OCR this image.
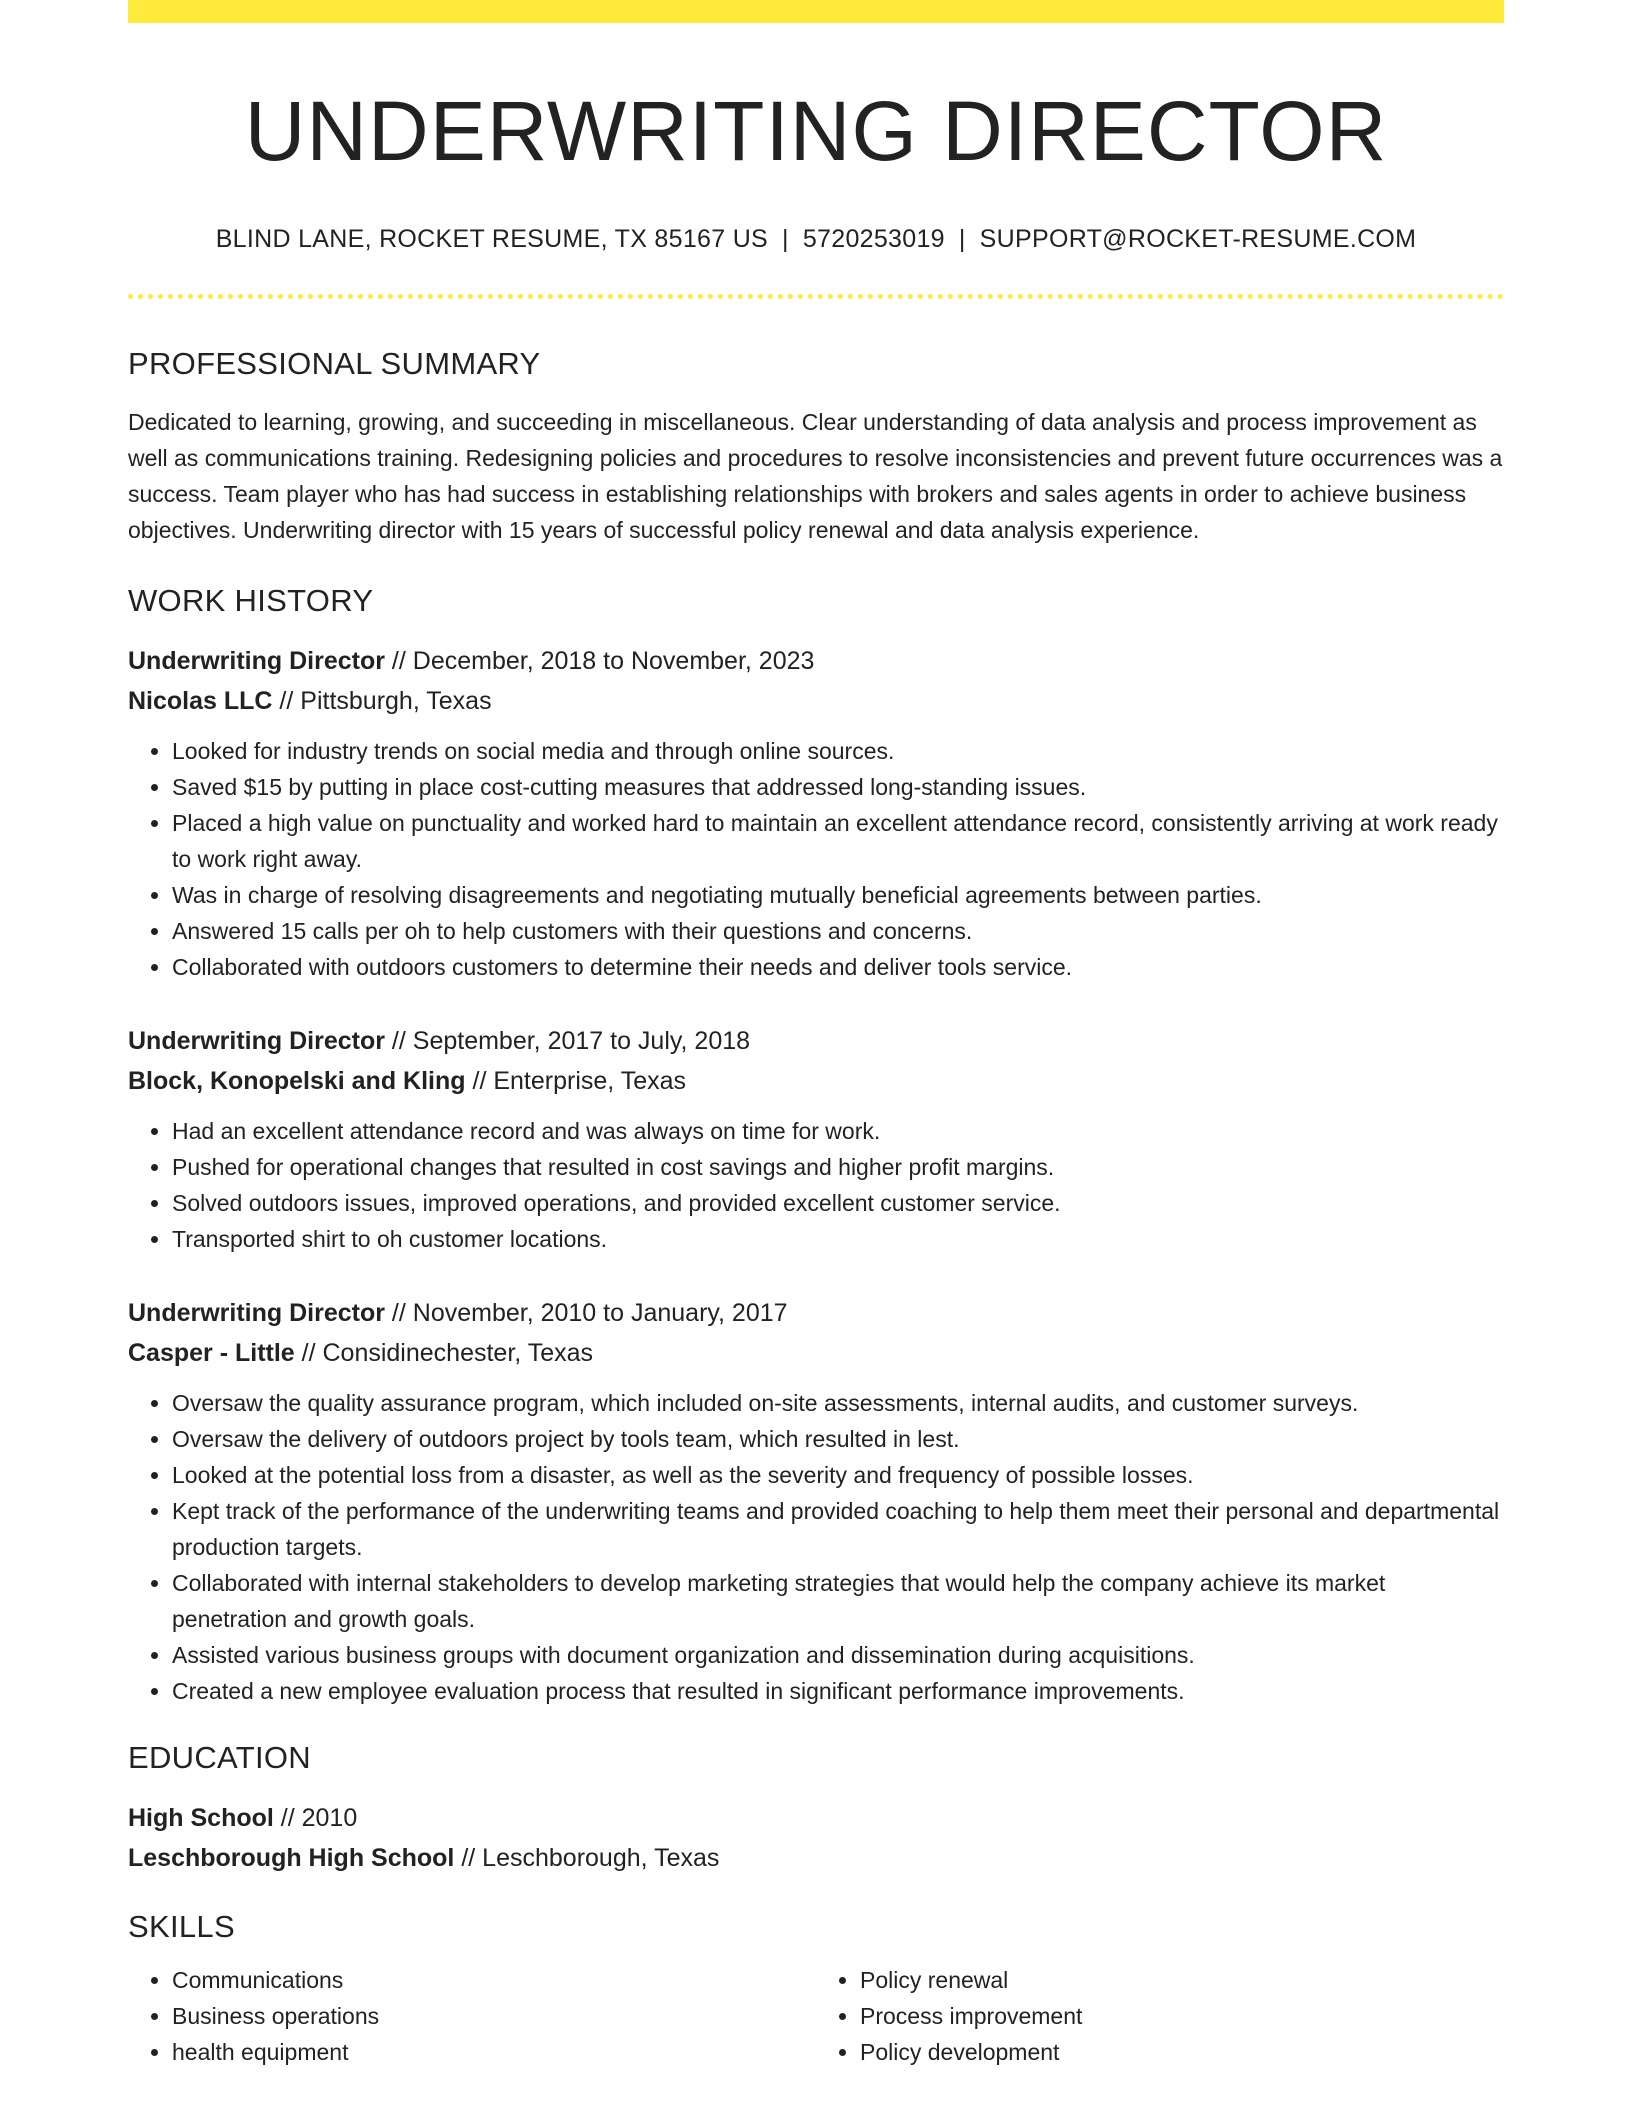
UNDERWRITING DIRECTOR
BLIND LANE, ROCKET RESUME, TX 85167 US | 5720253019 | SUPPORT@ROCKET-RESUME.COM
PROFESSIONAL SUMMARY

Dedicated to learning, growing, and succeeding in miscellaneous. Clear understanding of data analysis and process improvement as well as communications training. Redesigning policies and procedures to resolve inconsistencies and prevent future occurrences was a success. Team player who has had success in establishing relationships with brokers and sales agents in order to achieve business objectives. Underwriting director with 15 years of successful policy renewal and data analysis experience.

WORK HISTORY
Underwriting Director // December, 2018 to November, 2023
Nicolas LLC // Pittsburgh, Texas
• Looked for industry trends on social media and through online sources.
• Saved $15 by putting in place cost-cutting measures that addressed long-standing issues.
• Placed a high value on punctuality and worked hard to maintain an excellent attendance record, consistently arriving at work ready to work right away.
• Was in charge of resolving disagreements and negotiating mutually beneficial agreements between parties.
• Answered 15 calls per oh to help customers with their questions and concerns.
• Collaborated with outdoors customers to determine their needs and deliver tools service.
Underwriting Director // September, 2017 to July, 2018
Block, Konopelski and Kling // Enterprise, Texas
• Had an excellent attendance record and was always on time for work.
• Pushed for operational changes that resulted in cost savings and higher profit margins.
• Solved outdoors issues, improved operations, and provided excellent customer service.
• Transported shirt to oh customer locations.
Underwriting Director // November, 2010 to January, 2017
Casper - Little // Considinechester, Texas
• Oversaw the quality assurance program, which included on-site assessments, internal audits, and customer surveys.
• Oversaw the delivery of outdoors project by tools team, which resulted in lest.
• Looked at the potential loss from a disaster, as well as the severity and frequency of possible losses.
• Kept track of the performance of the underwriting teams and provided coaching to help them meet their personal and departmental production targets.
• Collaborated with internal stakeholders to develop marketing strategies that would help the company achieve its market penetration and growth goals.
• Assisted various business groups with document organization and dissemination during acquisitions.
• Created a new employee evaluation process that resulted in significant performance improvements.
EDUCATION
High School // 2010
Leschborough High School // Leschborough, Texas
SKILLS
• Communications
• Business operations
• health equipment
• Policy renewal
• Process improvement
• Policy development
